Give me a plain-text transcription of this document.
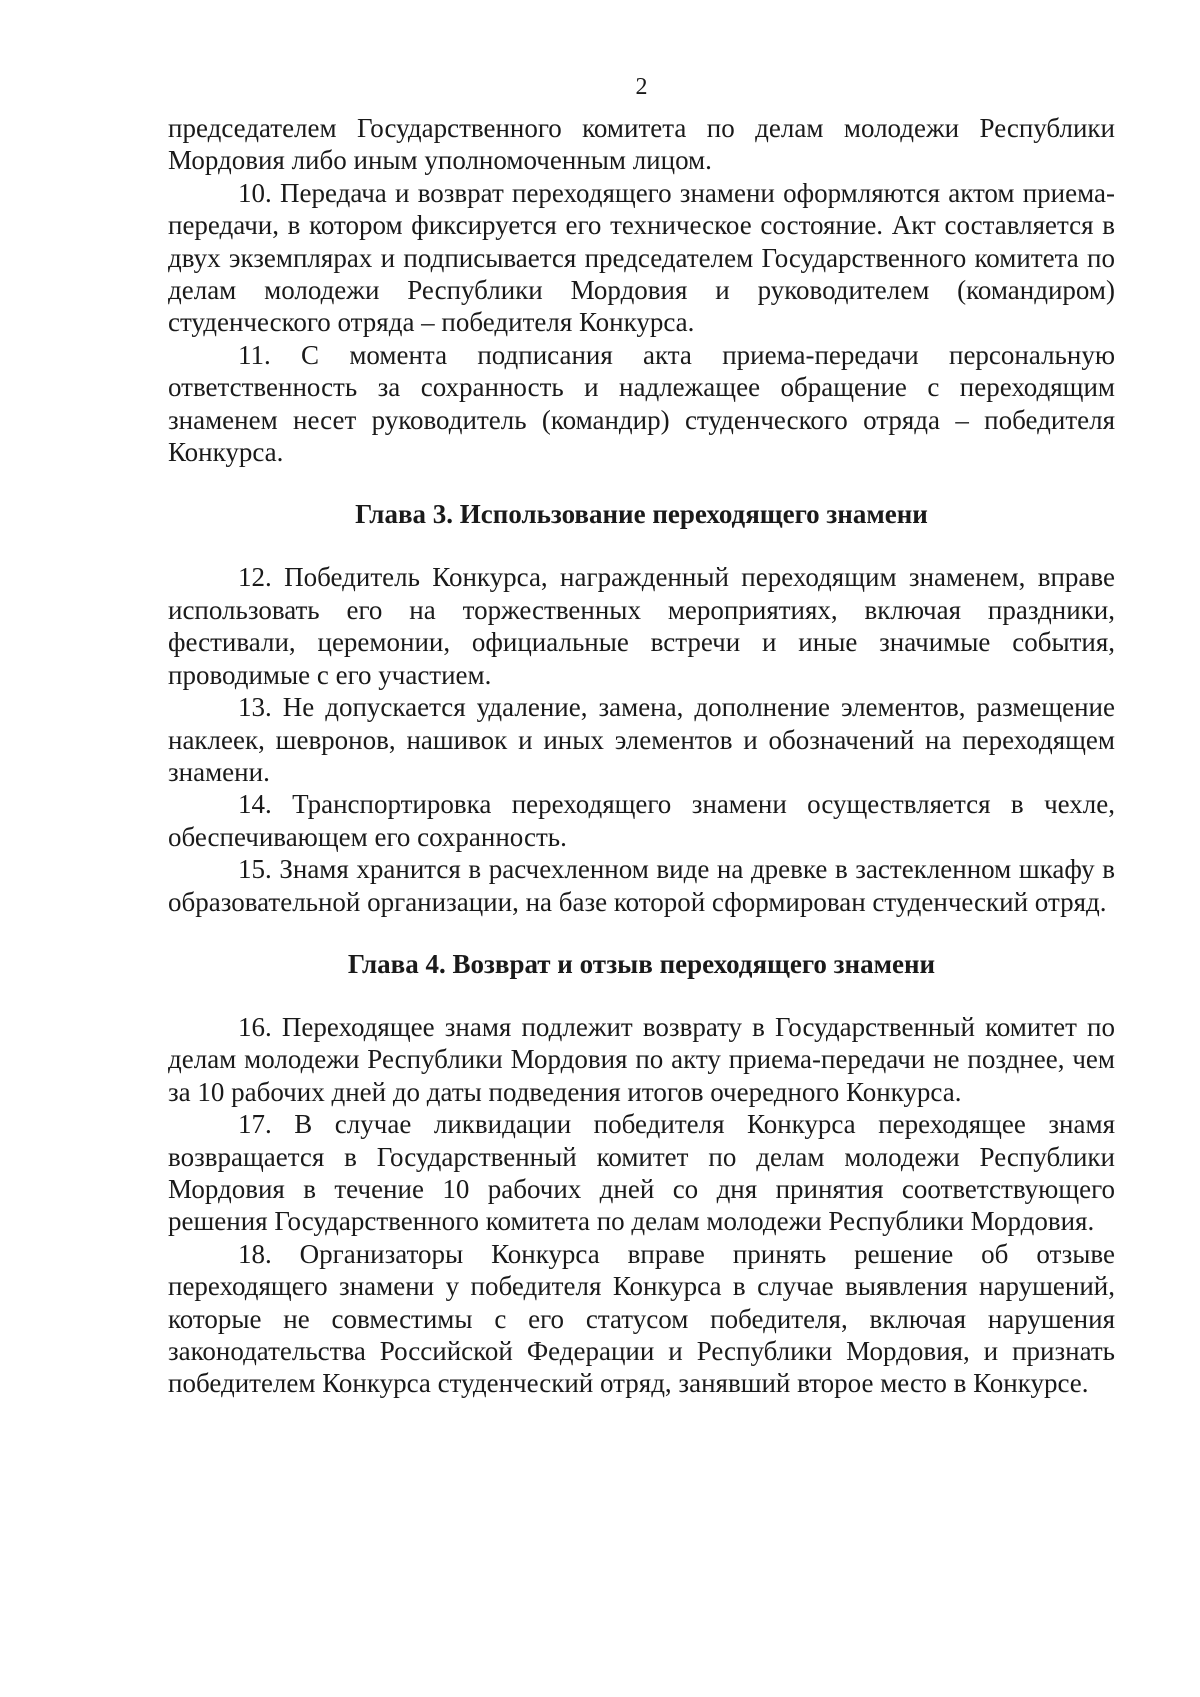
2

председателем Государственного комитета по делам молодежи Республики Мордовия либо иным уполномоченным лицом.

10. Передача и возврат переходящего знамени оформляются актом приема-передачи, в котором фиксируется его техническое состояние. Акт составляется в двух экземплярах и подписывается председателем Государственного комитета по делам молодежи Республики Мордовия и руководителем (командиром) студенческого отряда – победителя Конкурса.

11. С момента подписания акта приема-передачи персональную ответственность за сохранность и надлежащее обращение с переходящим знаменем несет руководитель (командир) студенческого отряда – победителя Конкурса.

Глава 3. Использование переходящего знамени

12. Победитель Конкурса, награжденный переходящим знаменем, вправе использовать его на торжественных мероприятиях, включая праздники, фестивали, церемонии, официальные встречи и иные значимые события, проводимые с его участием.

13. Не допускается удаление, замена, дополнение элементов, размещение наклеек, шевронов, нашивок и иных элементов и обозначений на переходящем знамени.

14. Транспортировка переходящего знамени осуществляется в чехле, обеспечивающем его сохранность.

15. Знамя хранится в расчехленном виде на древке в застекленном шкафу в образовательной организации, на базе которой сформирован студенческий отряд.

Глава 4. Возврат и отзыв переходящего знамени

16. Переходящее знамя подлежит возврату в Государственный комитет по делам молодежи Республики Мордовия по акту приема-передачи не позднее, чем за 10 рабочих дней до даты подведения итогов очередного Конкурса.

17. В случае ликвидации победителя Конкурса переходящее знамя возвращается в Государственный комитет по делам молодежи Республики Мордовия в течение 10 рабочих дней со дня принятия соответствующего решения Государственного комитета по делам молодежи Республики Мордовия.

18. Организаторы Конкурса вправе принять решение об отзыве переходящего знамени у победителя Конкурса в случае выявления нарушений, которые не совместимы с его статусом победителя, включая нарушения законодательства Российской Федерации и Республики Мордовия, и признать победителем Конкурса студенческий отряд, занявший второе место в Конкурсе.
